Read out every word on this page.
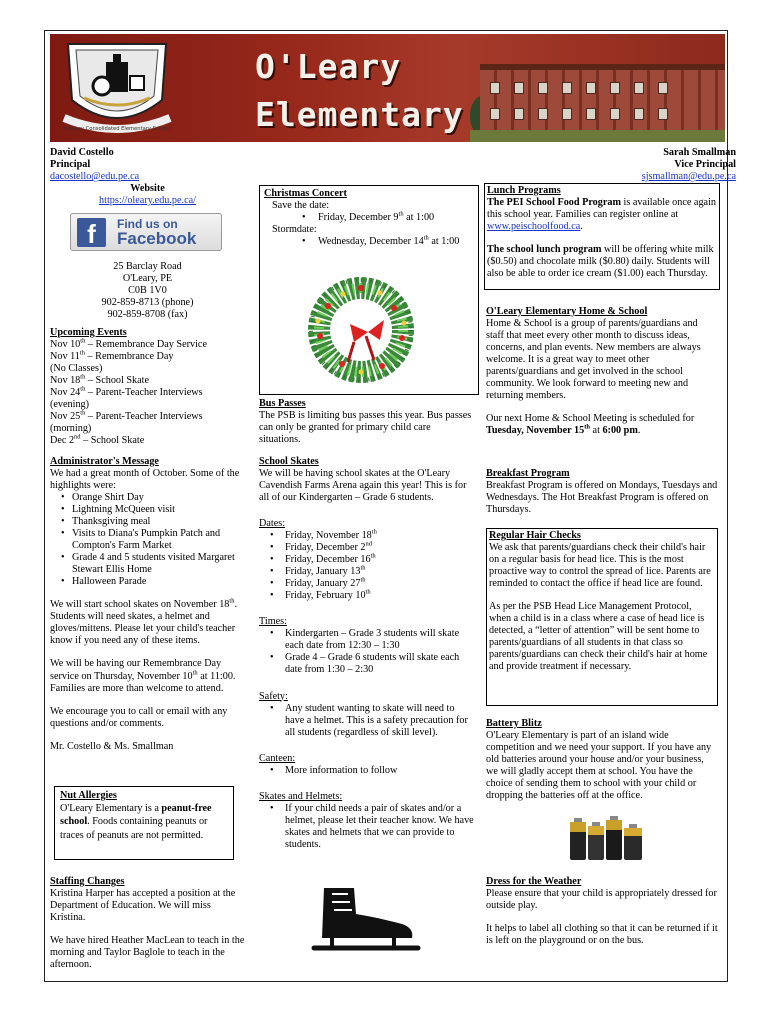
O'Leary Consolidated Elementary School
O'Leary
Elementary

David Costello

Principal

dacostello@edu.pe.ca

Website

https://oleary.edu.pe.ca/

f	Find us on
Facebook

25 Barclay Road

O'Leary, PE

C0B 1V0

902-859-8713 (phone)

902-859-8708 (fax)

Upcoming Events

Nov 10th – Remembrance Day Service

Nov 11th – Remembrance Day

(No Classes)

Nov 18th – School Skate

Nov 24th – Parent-Teacher Interviews

(evening)

Nov 25th – Parent-Teacher Interviews

(morning)

Dec 2nd – School Skate

Administrator's Message

We had a great month of October. Some of the highlights were:

• Orange Shirt Day

• Lightning McQueen visit

• Thanksgiving meal

• Visits to Diana's Pumpkin Patch and Compton's Farm Market

• Grade 4 and 5 students visited Margaret Stewart Ellis Home

• Halloween Parade

We will start school skates on November 18th. Students will need skates, a helmet and gloves/mittens. Please let your child's teacher know if you need any of these items.

We will be having our Remembrance Day service on Thursday, November 10th at 11:00. Families are more than welcome to attend.

We encourage you to call or email with any questions and/or comments.

Mr. Costello & Ms. Smallman

Nut Allergies

O'Leary Elementary is a peanut-free school. Foods containing peanuts or traces of peanuts are not permitted.

Staffing Changes

Kristina Harper has accepted a position at the Department of Education. We will miss Kristina.

We have hired Heather MacLean to teach in the morning and Taylor Baglole to teach in the afternoon.

Christmas Concert

Save the date:

• Friday, December 9th at 1:00

Stormdate:

• Wednesday, December 14th at 1:00

Bus Passes

The PSB is limiting bus passes this year. Bus passes can only be granted for primary child care situations.

School Skates

We will be having school skates at the O'Leary Cavendish Farms Arena again this year! This is for all of our Kindergarten – Grade 6 students.

Dates:

• Friday, November 18th

• Friday, December 2nd

• Friday, December 16th

• Friday, January 13th

• Friday, January 27th

• Friday, February 10th

Times:

• Kindergarten – Grade 3 students will skate each date from 12:30 – 1:30

• Grade 4 – Grade 6 students will skate each date from 1:30 – 2:30

Safety:

• Any student wanting to skate will need to have a helmet. This is a safety precaution for all students (regardless of skill level).

Canteen:

• More information to follow

Skates and Helmets:

• If your child needs a pair of skates and/or a helmet, please let their teacher know. We have skates and helmets that we can provide to students.

Sarah Smallman

Vice Principal

sjsmallman@edu.pe.ca

Lunch Programs

The PEI School Food Program is available once again this school year. Families can register online at www.peischoolfood.ca.

The school lunch program will be offering white milk ($0.50) and chocolate milk ($0.80) daily. Students will also be able to order ice cream ($1.00) each Thursday.

O'Leary Elementary Home & School

Home & School is a group of parents/guardians and staff that meet every other month to discuss ideas, concerns, and plan events. New members are always welcome. It is a great way to meet other parents/guardians and get involved in the school community. We look forward to meeting new and returning members.

Our next Home & School Meeting is scheduled for Tuesday, November 15th at 6:00 pm.

Breakfast Program

Breakfast Program is offered on Mondays, Tuesdays and Wednesdays. The Hot Breakfast Program is offered on Thursdays.

Regular Hair Checks

We ask that parents/guardians check their child's hair on a regular basis for head lice. This is the most proactive way to control the spread of lice. Parents are reminded to contact the office if head lice are found.

As per the PSB Head Lice Management Protocol, when a child is in a class where a case of head lice is detected, a “letter of attention” will be sent home to parents/guardians of all students in that class so parents/guardians can check their child's hair at home and provide treatment if necessary.

Battery Blitz

O'Leary Elementary is part of an island wide competition and we need your support. If you have any old batteries around your house and/or your business, we will gladly accept them at school. You have the choice of sending them to school with your child or dropping the batteries off at the office.

Dress for the Weather

Please ensure that your child is appropriately dressed for outside play.

It helps to label all clothing so that it can be returned if it is left on the playground or on the bus.
